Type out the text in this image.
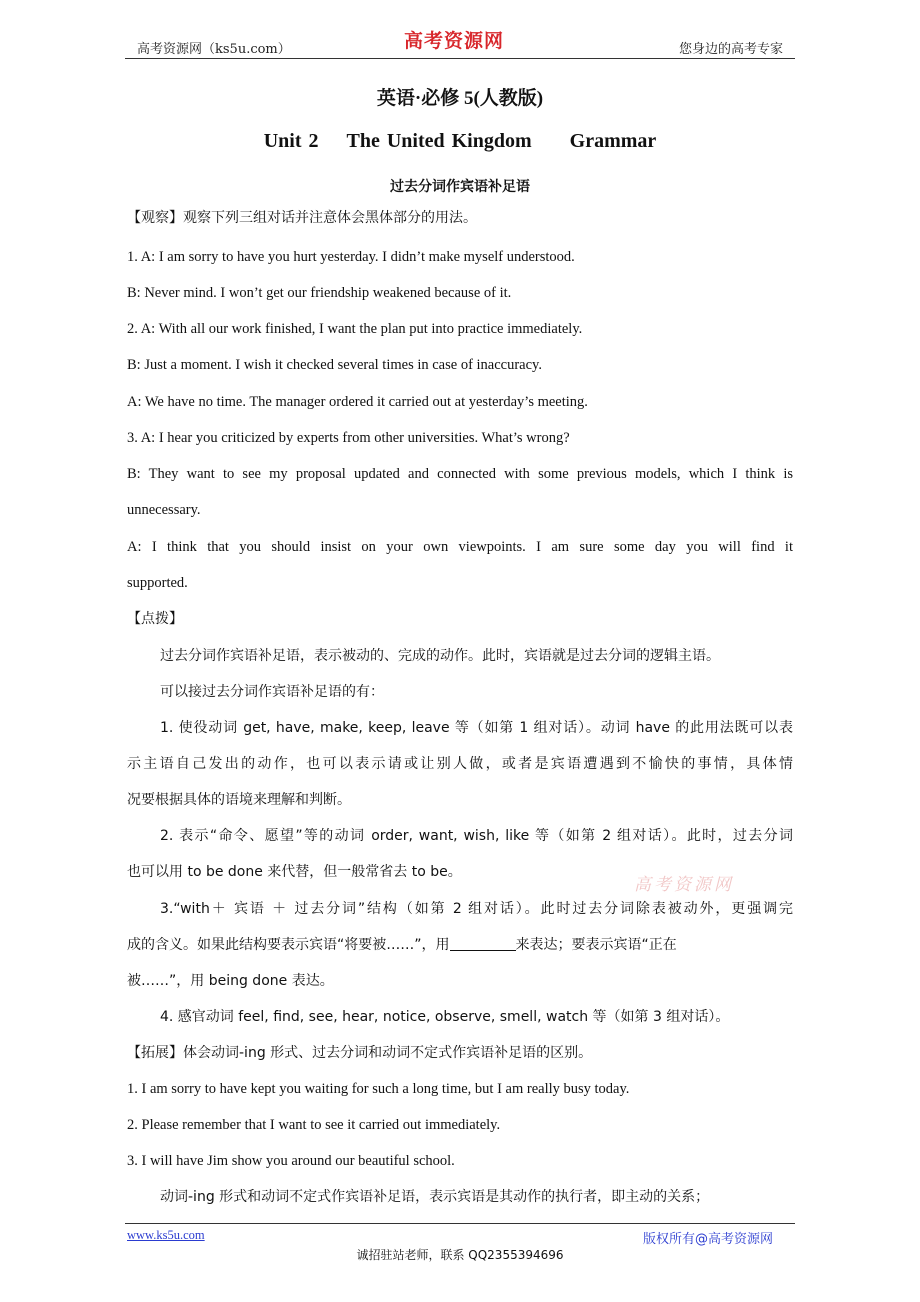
高考资源网（ks5u.com）	高考资源网	您身边的高考专家
英语·必修 5(人教版)
Unit 2 The United Kingdom Grammar
过去分词作宾语补足语
【观察】观察下列三组对话并注意体会黑体部分的用法。
1. A: I am sorry to have you hurt yesterday. I didn’t make myself understood.
B: Never mind. I won’t get our friendship weakened because of it.
2. A: With all our work finished, I want the plan put into practice immediately.
B: Just a moment. I wish it checked several times in case of inaccuracy.
A: We have no time. The manager ordered it carried out at yesterday’s meeting.
3. A: I hear you criticized by experts from other universities. What’s wrong?
B: They want to see my proposal updated and connected with some previous models, which I think is
unnecessary.
A: I think that you should insist on your own viewpoints. I am sure some day you will find it
supported.
【点拨】
过去分词作宾语补足语，表示被动的、完成的动作。此时，宾语就是过去分词的逻辑主语。
可以接过去分词作宾语补足语的有：
1. 使役动词 get, have, make, keep, leave 等（如第 1 组对话）。动词 have 的此用法既可以表
示主语自己发出的动作，也可以表示请或让别人做，或者是宾语遭遇到不愉快的事情，具体情
况要根据具体的语境来理解和判断。
2. 表示“命令、愿望”等的动词 order, want, wish, like 等（如第 2 组对话）。此时，过去分词
也可以用 to be done 来代替，但一般常省去 to be。
高考资源网
3.“with＋ 宾语 ＋ 过去分词”结构（如第 2 组对话）。此时过去分词除表被动外，更强调完
成的含义。如果此结构要表示宾语“将要被……”，用	来表达；要表示宾语“正在
被……”，用 being done 表达。
4. 感官动词 feel, find, see, hear, notice, observe, smell, watch 等（如第 3 组对话）。
【拓展】体会动词-ing 形式、过去分词和动词不定式作宾语补足语的区别。
1. I am sorry to have kept you waiting for such a long time, but I am really busy today.
2. Please remember that I want to see it carried out immediately.
3. I will have Jim show you around our beautiful school.
动词-ing 形式和动词不定式作宾语补足语，表示宾语是其动作的执行者，即主动的关系；
www.ks5u.com	版权所有@高考资源网
诚招驻站老师，联系 QQ2355394696
